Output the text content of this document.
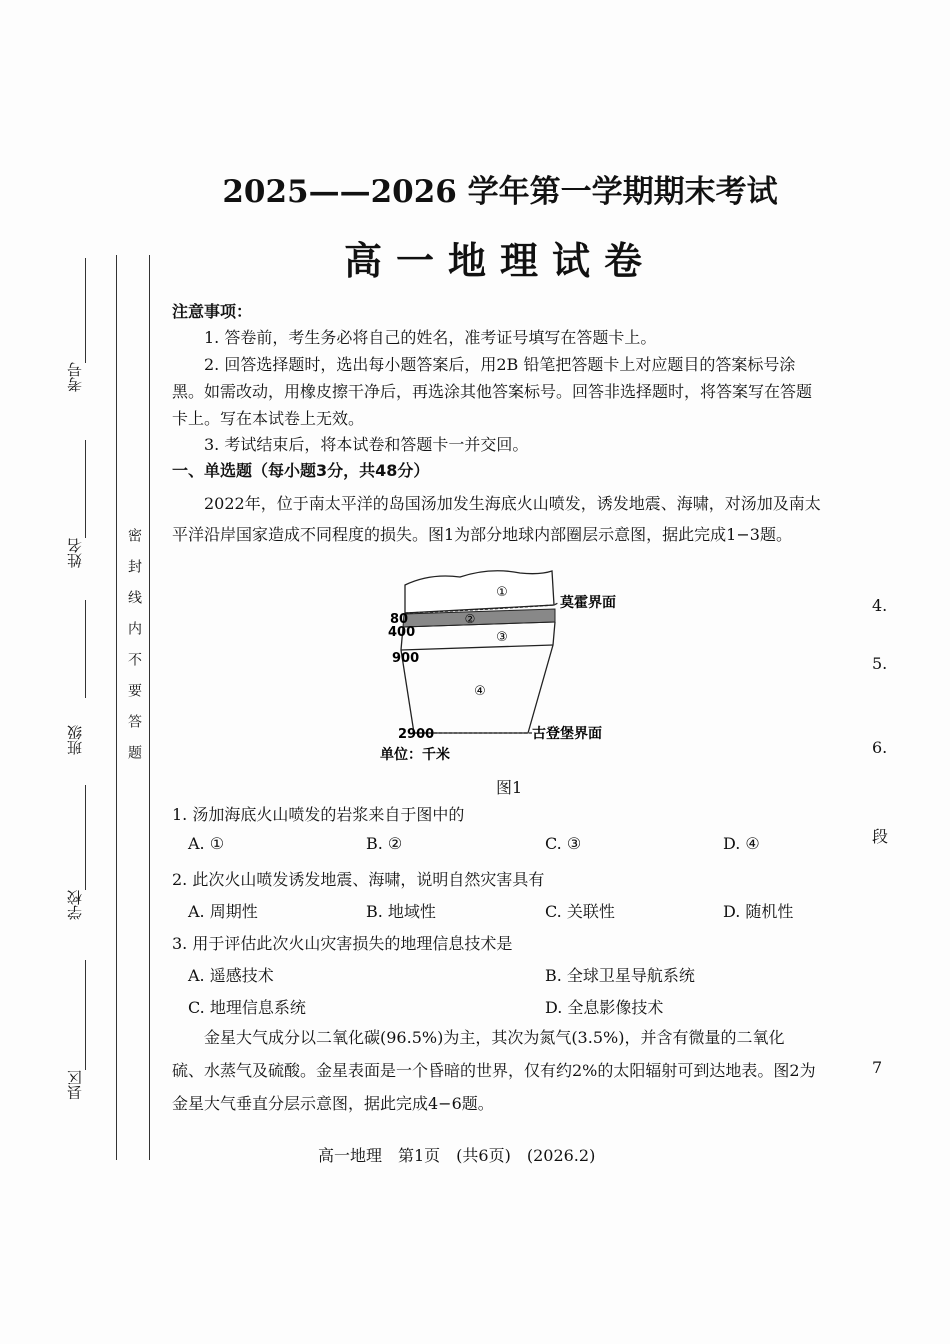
考号
姓名
班级
学校
县区
密封线内不要答题
2025——2026 学年第一学期期末考试
高一地理试卷
注意事项：
1. 答卷前，考生务必将自己的姓名，准考证号填写在答题卡上。
2. 回答选择题时，选出每小题答案后，用2B 铅笔把答题卡上对应题目的答案标号涂
黑。如需改动，用橡皮擦干净后，再选涂其他答案标号。回答非选择题时，将答案写在答题
卡上。写在本试卷上无效。
3. 考试结束后，将本试卷和答题卡一并交回。
一、单选题（每小题3分，共48分）
2022年，位于南太平洋的岛国汤加发生海底火山喷发，诱发地震、海啸，对汤加及南太
平洋沿岸国家造成不同程度的损失。图1为部分地球内部圈层示意图，据此完成1−3题。
①
②
③
④
80
400
900
2900
莫霍界面
古登堡界面
单位：千米
图1
1. 汤加海底火山喷发的岩浆来自于图中的
A. ①	B. ②	C. ③	D. ④
2. 此次火山喷发诱发地震、海啸，说明自然灾害具有
A. 周期性	B. 地域性	C. 关联性	D. 随机性
3. 用于评估此次火山灾害损失的地理信息技术是
A. 遥感技术	B. 全球卫星导航系统
C. 地理信息系统	D. 全息影像技术
金星大气成分以二氧化碳(96.5%)为主，其次为氮气(3.5%)，并含有微量的二氧化
硫、水蒸气及硫酸。金星表面是一个昏暗的世界，仅有约2%的太阳辐射可到达地表。图2为
金星大气垂直分层示意图，据此完成4−6题。
4.
5.
6.
段
7
高一地理　第1页　(共6页)　(2026.2)
